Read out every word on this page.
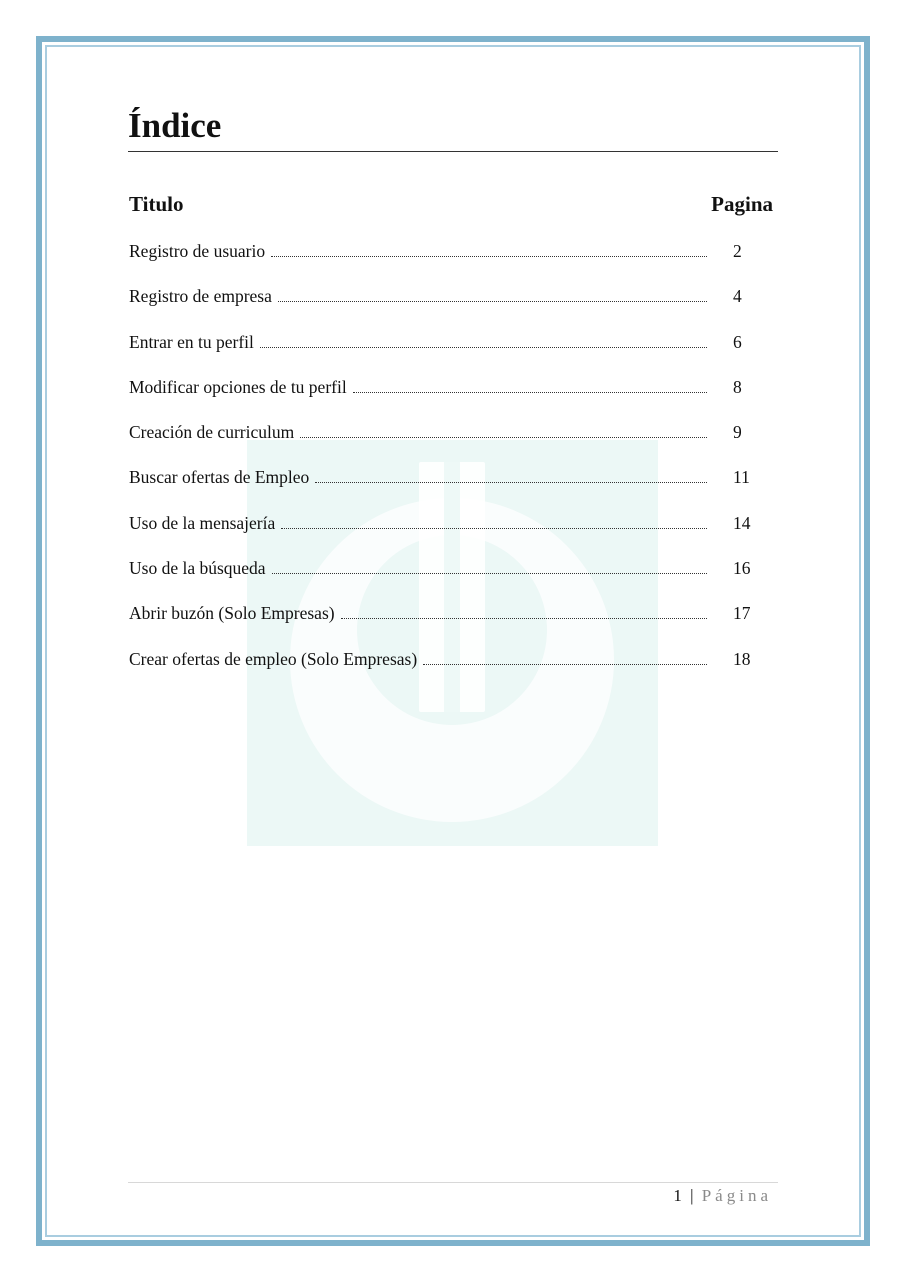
Índice
Titulo	Pagina
Registro de usuario	2
Registro de empresa	4
Entrar en tu perfil	6
Modificar opciones de tu perfil	8
Creación de curriculum	9
Buscar ofertas de Empleo	11
Uso de la mensajería	14
Uso de la búsqueda	16
Abrir buzón (Solo Empresas)	17
Crear ofertas de empleo (Solo Empresas)	18
1 | Página
